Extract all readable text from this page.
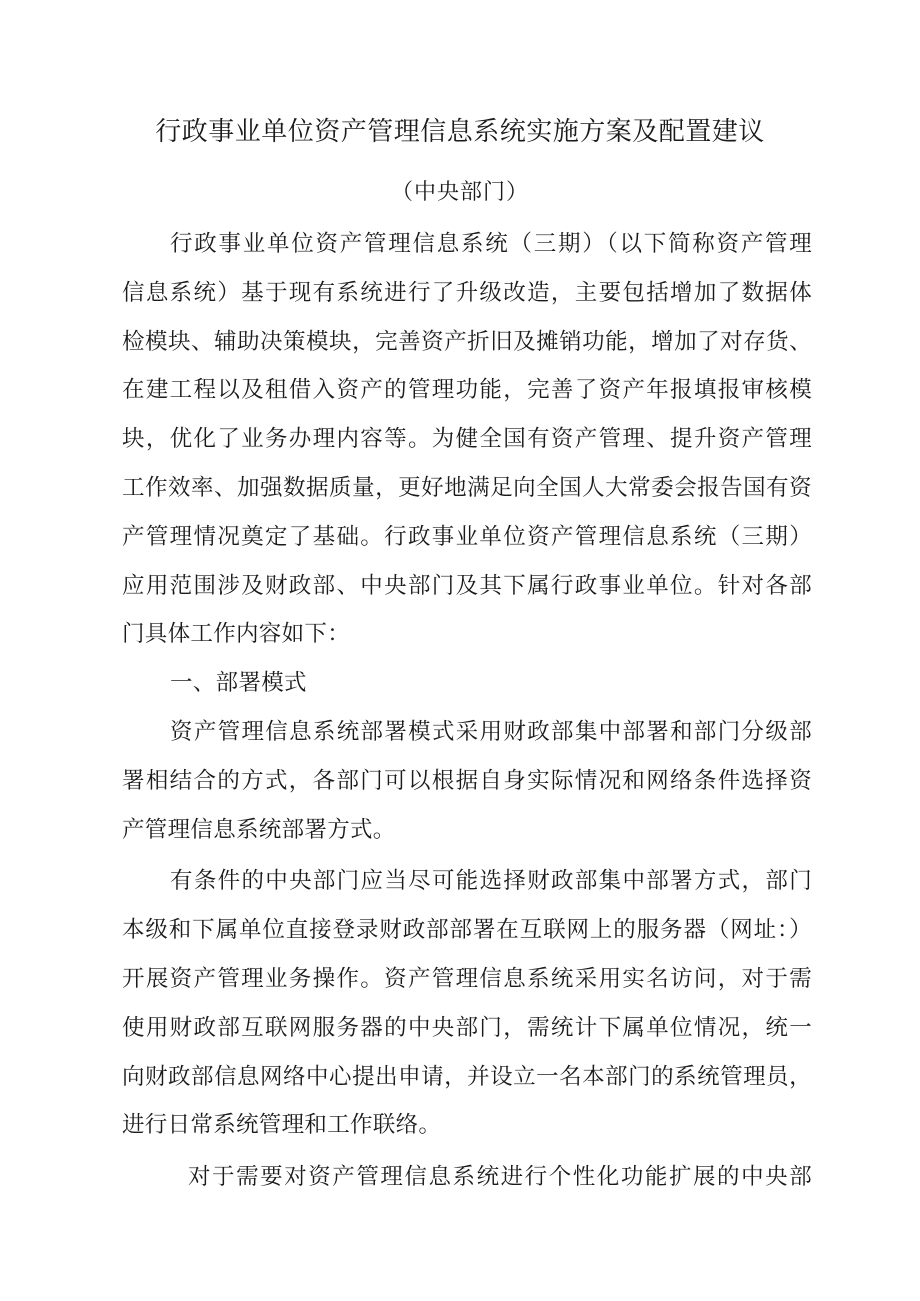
行政事业单位资产管理信息系统实施方案及配置建议
（中央部门）
行政事业单位资产管理信息系统（三期）（以下简称资产管理
信息系统）基于现有系统进行了升级改造，主要包括增加了数据体
检模块、辅助决策模块，完善资产折旧及摊销功能，增加了对存货、
在建工程以及租借入资产的管理功能，完善了资产年报填报审核模
块，优化了业务办理内容等。为健全国有资产管理、提升资产管理
工作效率、加强数据质量，更好地满足向全国人大常委会报告国有资
产管理情况奠定了基础。行政事业单位资产管理信息系统（三期）
应用范围涉及财政部、中央部门及其下属行政事业单位。针对各部
门具体工作内容如下：
一、部署模式
资产管理信息系统部署模式采用财政部集中部署和部门分级部
署相结合的方式，各部门可以根据自身实际情况和网络条件选择资
产管理信息系统部署方式。
有条件的中央部门应当尽可能选择财政部集中部署方式，部门
本级和下属单位直接登录财政部部署在互联网上的服务器（网址：）
开展资产管理业务操作。资产管理信息系统采用实名访问，对于需
使用财政部互联网服务器的中央部门，需统计下属单位情况，统一
向财政部信息网络中心提出申请，并设立一名本部门的系统管理员，
进行日常系统管理和工作联络。
对于需要对资产管理信息系统进行个性化功能扩展的中央部
